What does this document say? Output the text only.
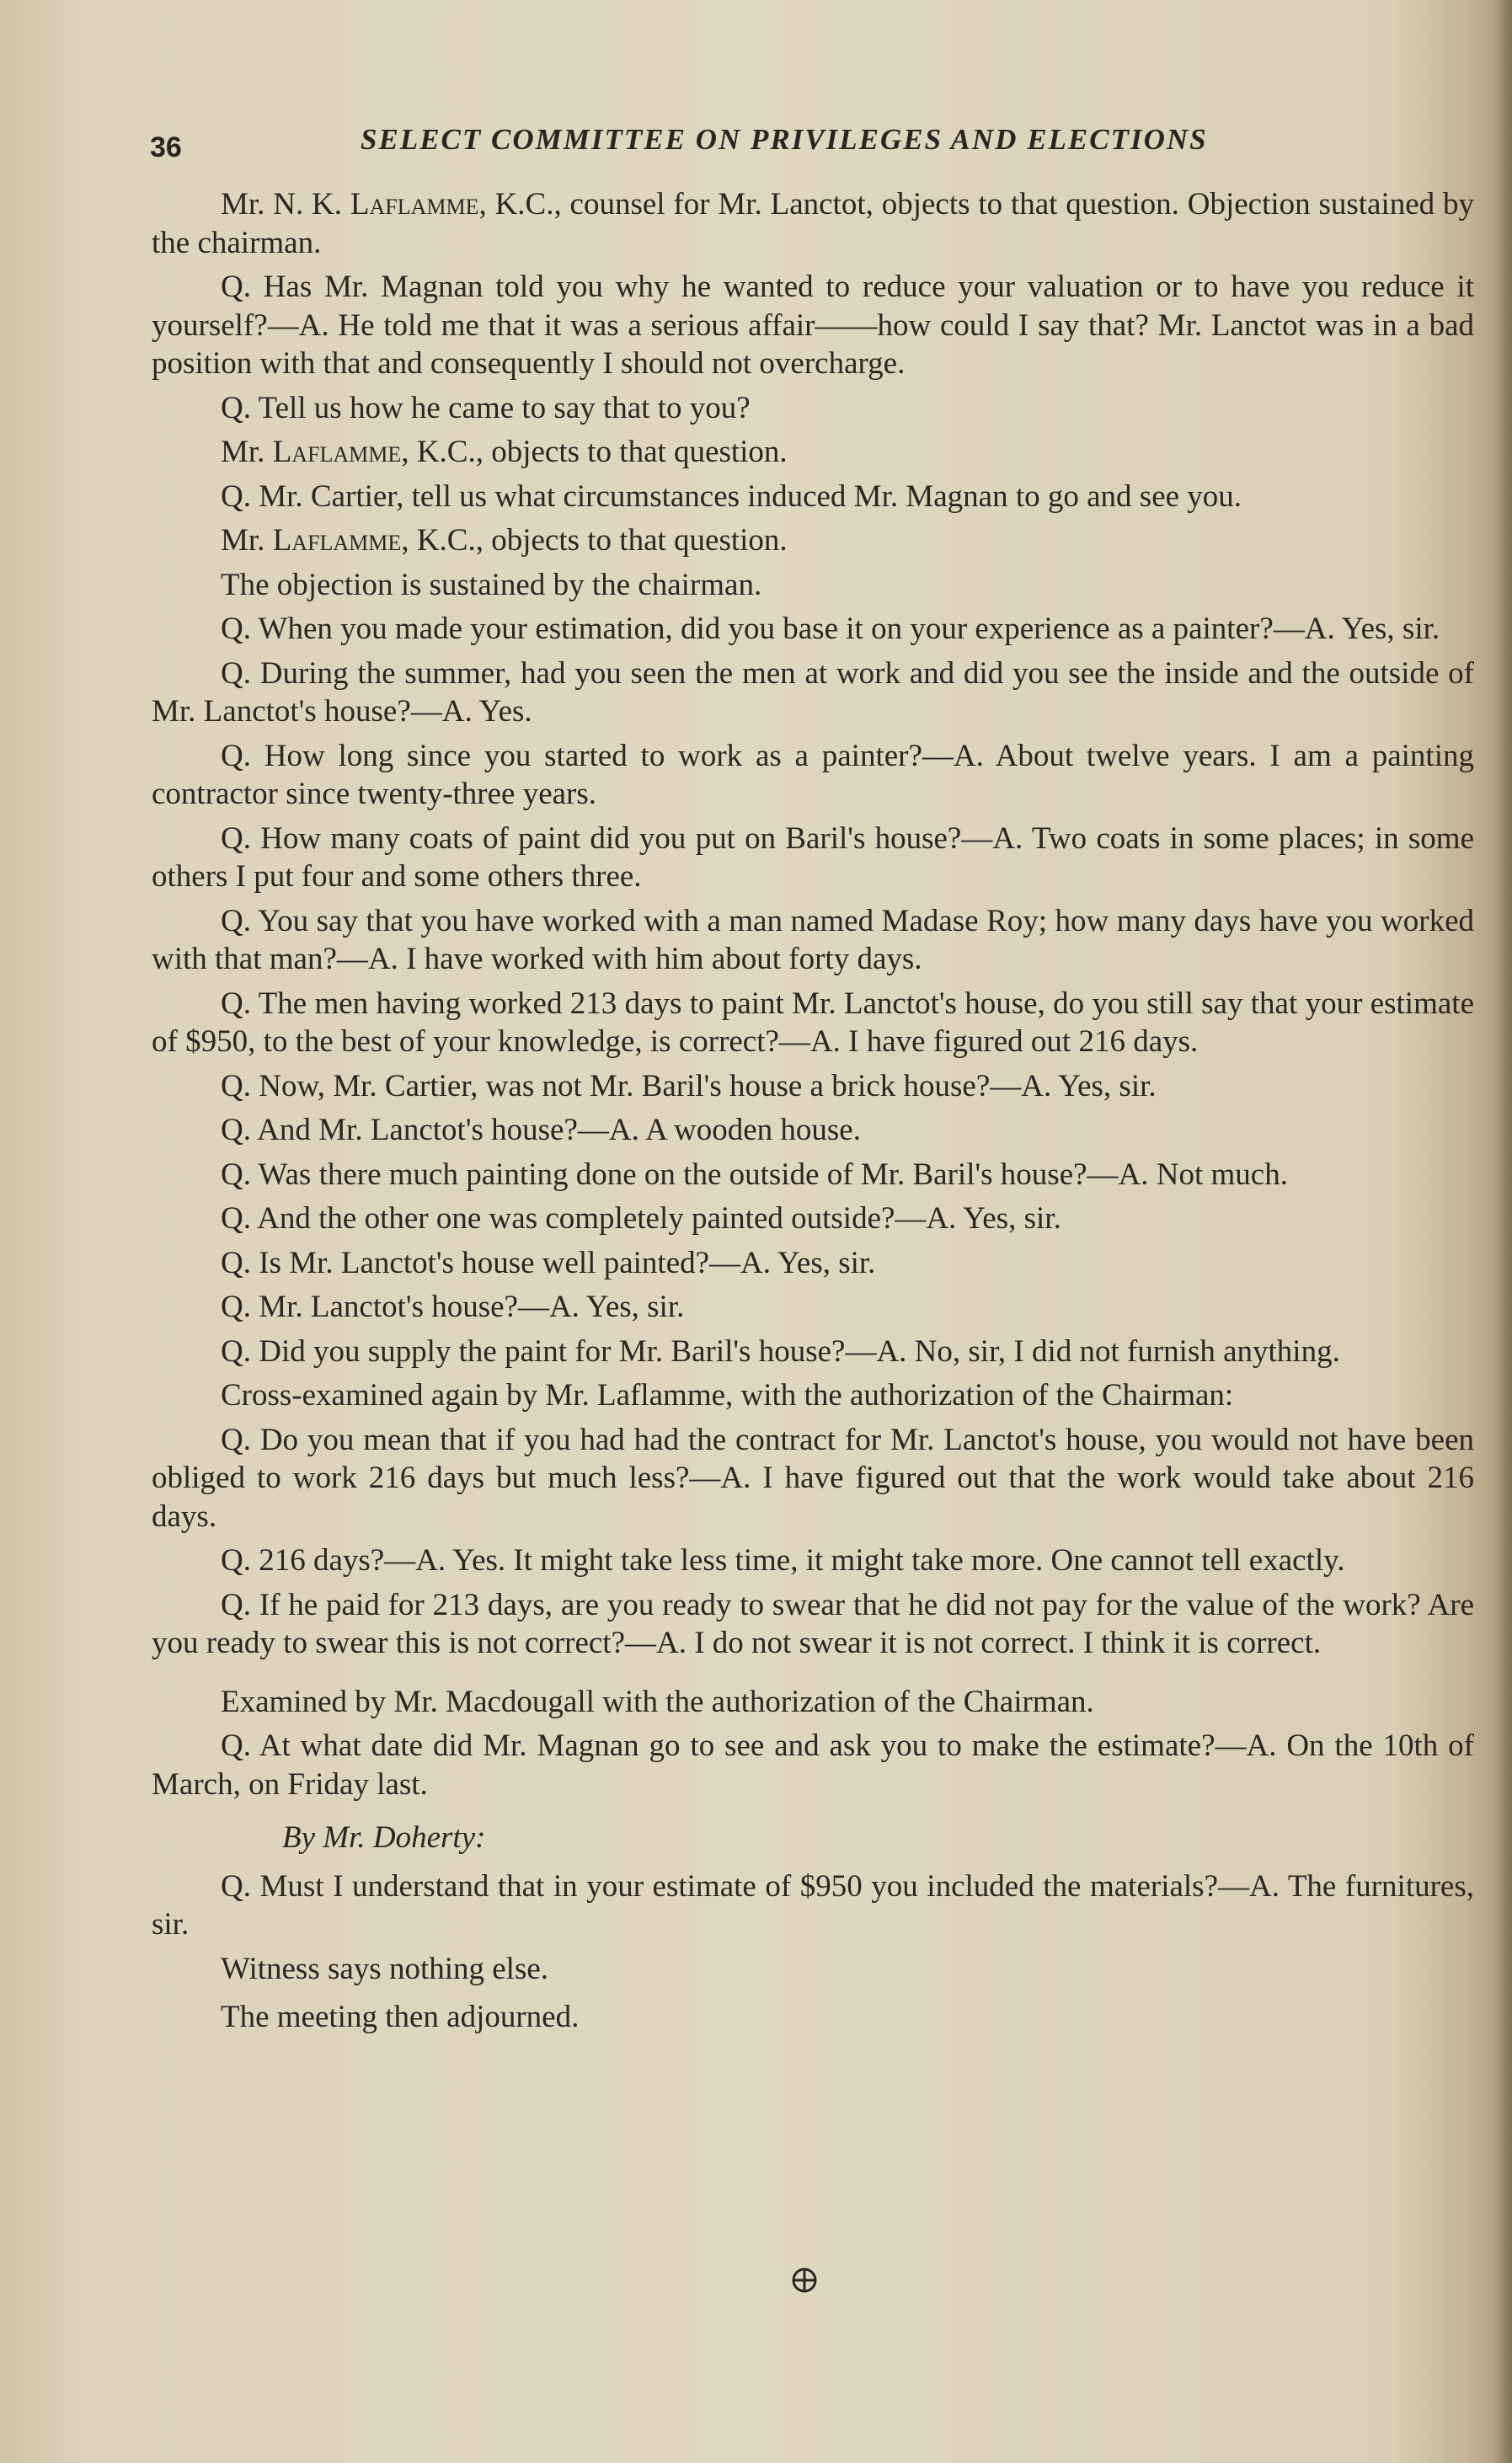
36	SELECT COMMITTEE ON PRIVILEGES AND ELECTIONS

Mr. N. K. Laflamme, K.C., counsel for Mr. Lanctot, objects to that question. Objection sustained by the chairman.

Q. Has Mr. Magnan told you why he wanted to reduce your valuation or to have you reduce it yourself?—A. He told me that it was a serious affair——how could I say that? Mr. Lanctot was in a bad position with that and consequently I should not overcharge.

Q. Tell us how he came to say that to you?

Mr. Laflamme, K.C., objects to that question.

Q. Mr. Cartier, tell us what circumstances induced Mr. Magnan to go and see you.

Mr. Laflamme, K.C., objects to that question.

The objection is sustained by the chairman.

Q. When you made your estimation, did you base it on your experience as a painter?—A. Yes, sir.

Q. During the summer, had you seen the men at work and did you see the inside and the outside of Mr. Lanctot's house?—A. Yes.

Q. How long since you started to work as a painter?—A. About twelve years. I am a painting contractor since twenty-three years.

Q. How many coats of paint did you put on Baril's house?—A. Two coats in some places; in some others I put four and some others three.

Q. You say that you have worked with a man named Madase Roy; how many days have you worked with that man?—A. I have worked with him about forty days.

Q. The men having worked 213 days to paint Mr. Lanctot's house, do you still say that your estimate of $950, to the best of your knowledge, is correct?—A. I have figured out 216 days.

Q. Now, Mr. Cartier, was not Mr. Baril's house a brick house?—A. Yes, sir.

Q. And Mr. Lanctot's house?—A. A wooden house.

Q. Was there much painting done on the outside of Mr. Baril's house?—A. Not much.

Q. And the other one was completely painted outside?—A. Yes, sir.

Q. Is Mr. Lanctot's house well painted?—A. Yes, sir.

Q. Mr. Lanctot's house?—A. Yes, sir.

Q. Did you supply the paint for Mr. Baril's house?—A. No, sir, I did not furnish anything.

Cross-examined again by Mr. Laflamme, with the authorization of the Chairman:

Q. Do you mean that if you had had the contract for Mr. Lanctot's house, you would not have been obliged to work 216 days but much less?—A. I have figured out that the work would take about 216 days.

Q. 216 days?—A. Yes. It might take less time, it might take more. One cannot tell exactly.

Q. If he paid for 213 days, are you ready to swear that he did not pay for the value of the work? Are you ready to swear this is not correct?—A. I do not swear it is not correct. I think it is correct.

Examined by Mr. Macdougall with the authorization of the Chairman.

Q. At what date did Mr. Magnan go to see and ask you to make the estimate?—A. On the 10th of March, on Friday last.

By Mr. Doherty:

Q. Must I understand that in your estimate of $950 you included the materials?—A. The furnitures, sir.

Witness says nothing else.

The meeting then adjourned.
